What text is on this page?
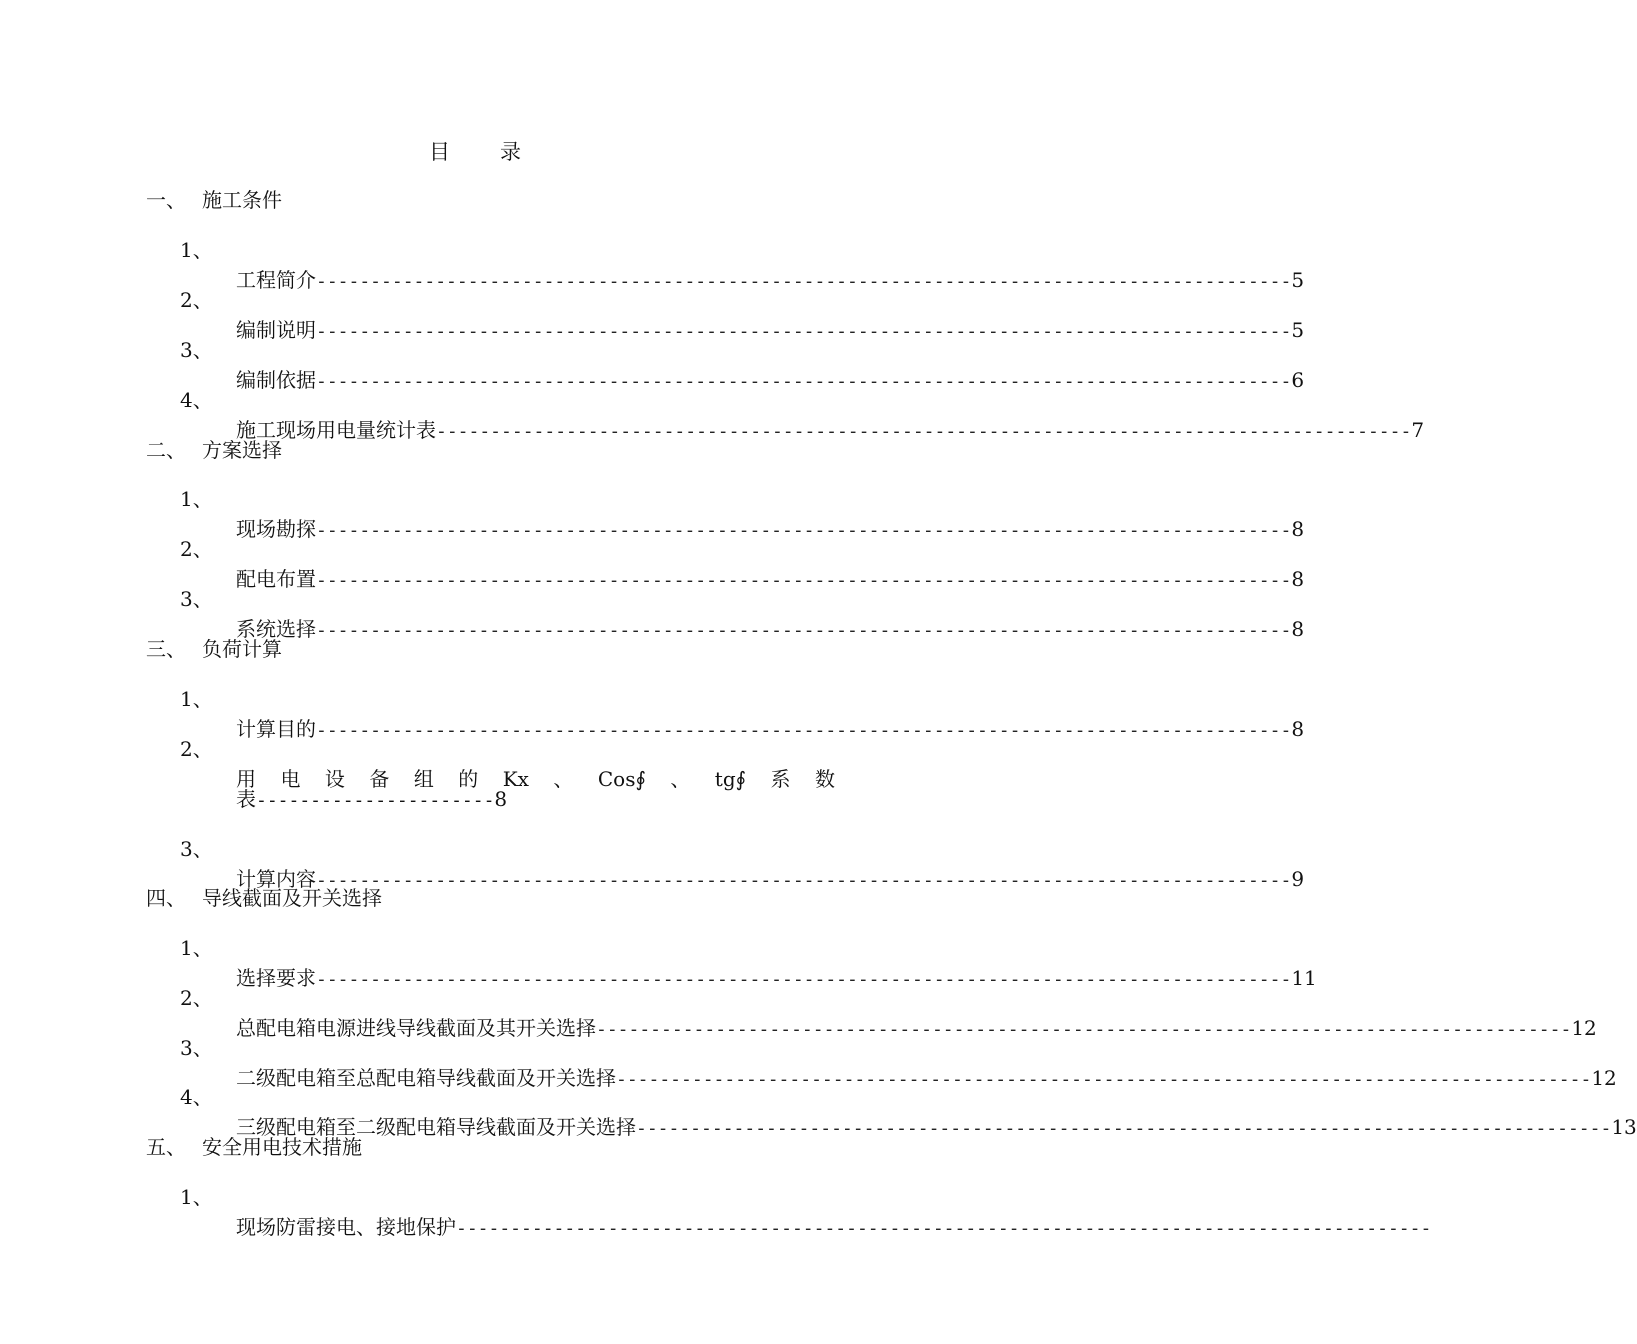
目 录
一、 施工条件
1、
工程简介 ------------------------------------------------------------------------------------------ 5
2、
编制说明 ------------------------------------------------------------------------------------------ 5
3、
编制依据 ------------------------------------------------------------------------------------------ 6
4、
施工现场用电量统计表 ------------------------------------------------------------------------------------------ 7
二、 方案选择
1、
现场勘探 ------------------------------------------------------------------------------------------ 8
2、
配电布置 ------------------------------------------------------------------------------------------ 8
3、
系统选择 ------------------------------------------------------------------------------------------ 8
三、 负荷计算
1、
计算目的 ------------------------------------------------------------------------------------------ 8
2、
用 电 设 备 组 的 Kx 、 Cos∮ 、 tg∮ 系 数
表----------------------8
3、
计算内容 ------------------------------------------------------------------------------------------ 9
四、 导线截面及开关选择
1、
选择要求 ------------------------------------------------------------------------------------------ 11
2、
总配电箱电源进线导线截面及其开关选择 ------------------------------------------------------------------------------------------ 12
3、
二级配电箱至总配电箱导线截面及开关选择 ------------------------------------------------------------------------------------------ 12
4、
三级配电箱至二级配电箱导线截面及开关选择 ------------------------------------------------------------------------------------------ 13
五、 安全用电技术措施
1、
现场防雷接电、接地保护 ------------------------------------------------------------------------------------------
